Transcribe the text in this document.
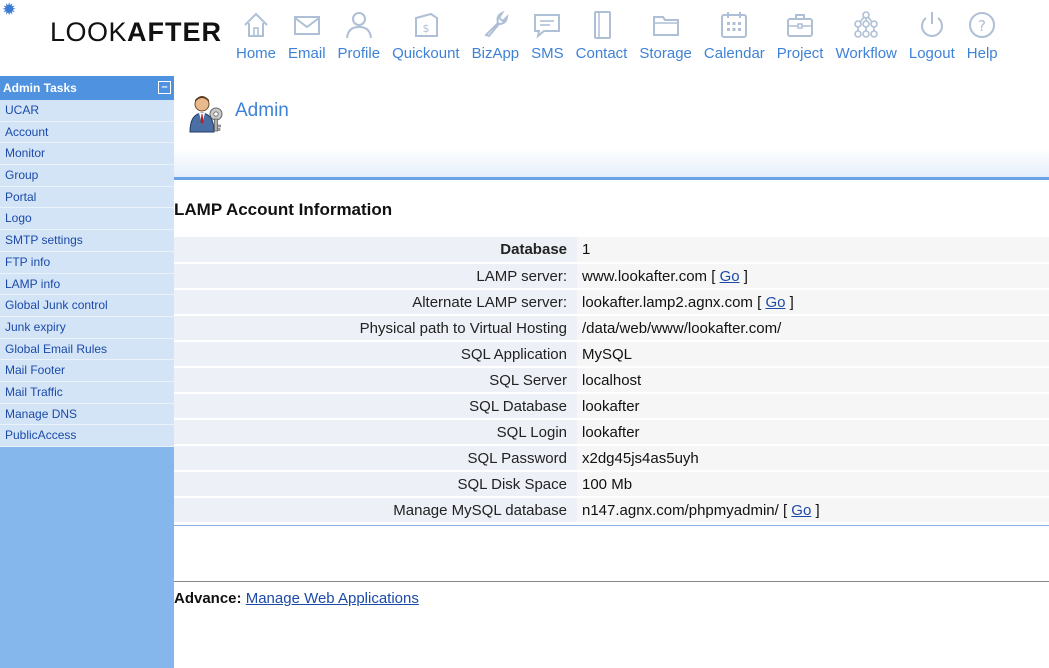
✹
LOOKAFTER
Home Email Profile
$
Quickount BizApp SMS Contact Storage Calendar Project Workflow Logout
?
Help
Admin Tasks	–
UCAR
Account
Monitor
Group
Portal
Logo
SMTP settings
FTP info
LAMP info
Global Junk control
Junk expiry
Global Email Rules
Mail Footer
Mail Traffic
Manage DNS
PublicAccess
Admin
LAMP Account Information
Database	1
LAMP server:	www.lookafter.com [ Go ]
Alternate LAMP server:	lookafter.lamp2.agnx.com [ Go ]
Physical path to Virtual Hosting	/data/web/www/lookafter.com/
SQL Application	MySQL
SQL Server	localhost
SQL Database	lookafter
SQL Login	lookafter
SQL Password	x2dg45js4as5uyh
SQL Disk Space	100 Mb
Manage MySQL database	n147.agnx.com/phpmyadmin/ [ Go ]
Advance: Manage Web Applications
